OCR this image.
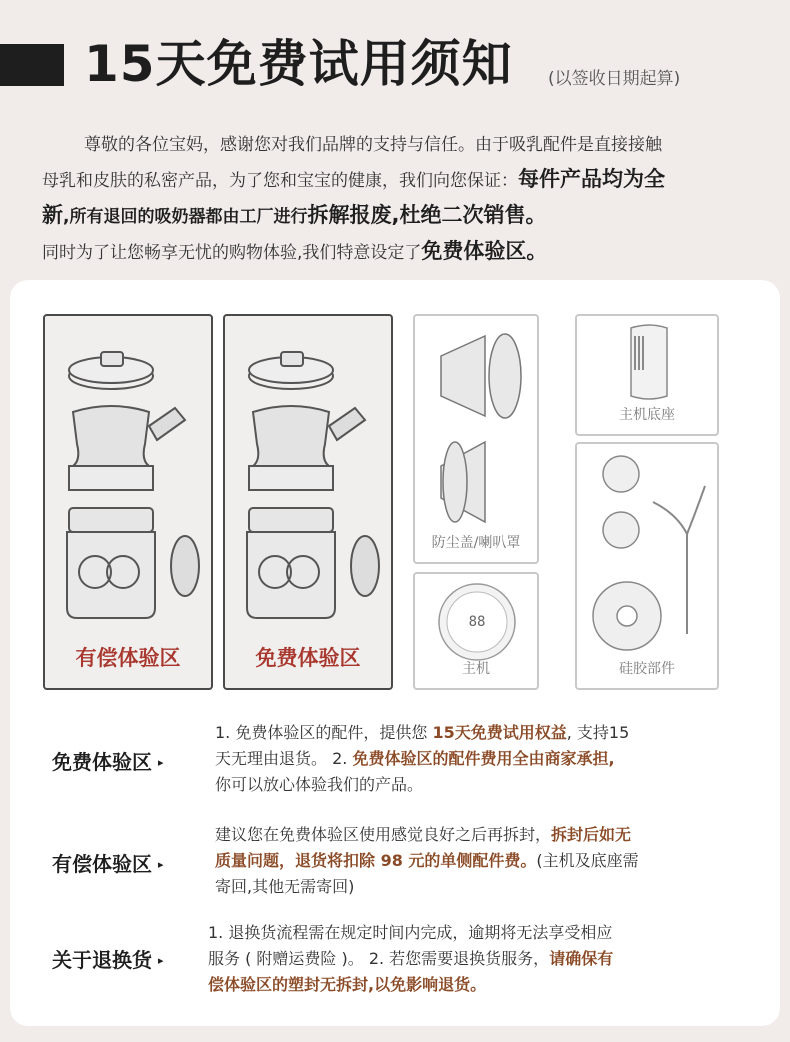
15天免费试用须知 (以签收日期起算)

尊敬的各位宝妈，感谢您对我们品牌的支持与信任。由于吸乳配件是直接接触

母乳和皮肤的私密产品，为了您和宝宝的健康，我们向您保证：每件产品均为全

新,所有退回的吸奶器都由工厂进行拆解报废,杜绝二次销售。

同时为了让您畅享无忧的购物体验,我们特意设定了免费体验区。

有偿体验区	免费体验区
防尘盖/喇叭罩
88
主机
主机底座
硅胶部件
免费体验区 ▸
1. 免费体验区的配件，提供您 15天免费试用权益, 支持15
天无理由退货。 2. 免费体验区的配件费用全由商家承担,
你可以放心体验我们的产品。
有偿体验区 ▸
建议您在免费体验区使用感觉良好之后再拆封，拆封后如无
质量问题，退货将扣除 98 元的单侧配件费。(主机及底座需
寄回,其他无需寄回)
关于退换货 ▸
1. 退换货流程需在规定时间内完成，逾期将无法享受相应
服务 ( 附赠运费险 )。 2. 若您需要退换货服务，请确保有
偿体验区的塑封无拆封,以免影响退货。
